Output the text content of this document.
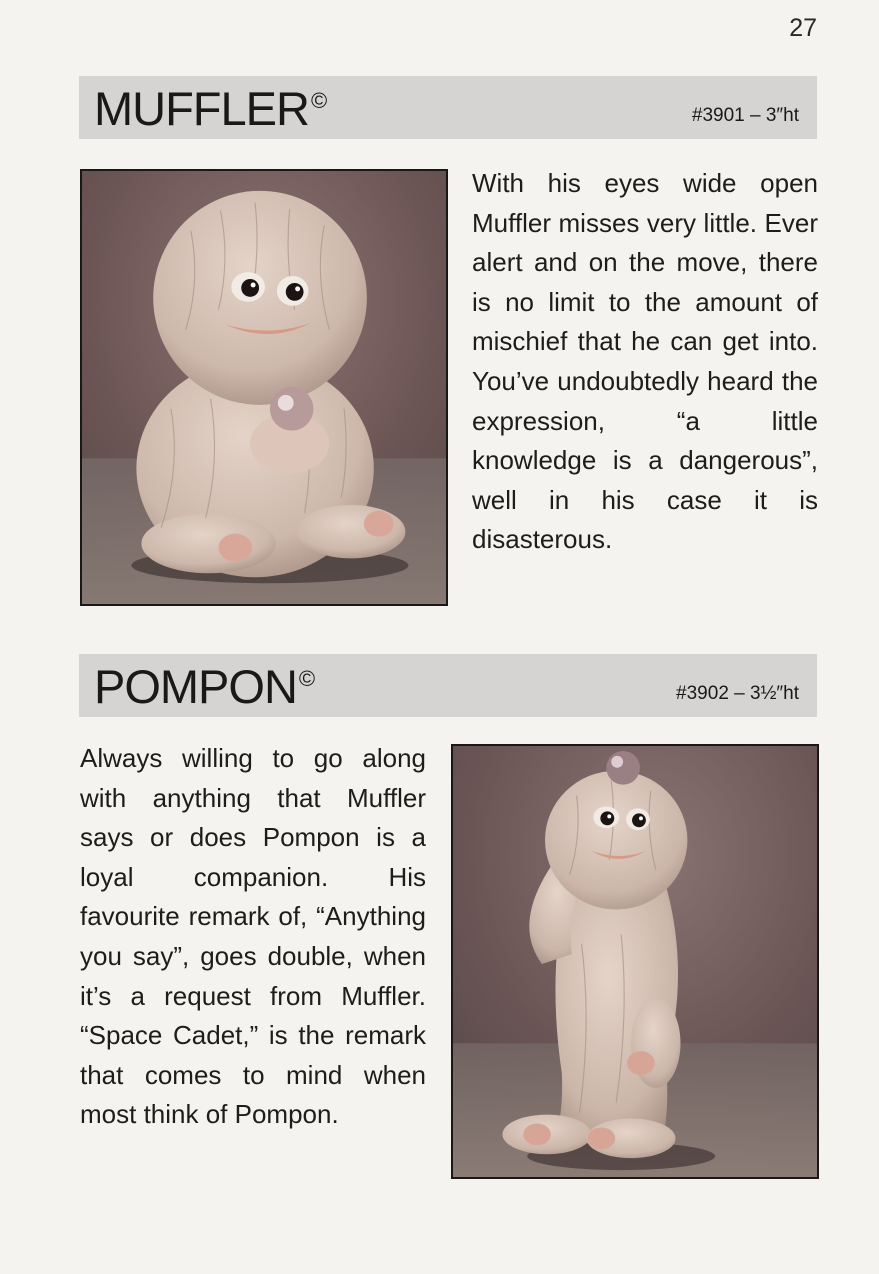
27
MUFFLER©
#3901 – 3″ht
With his eyes wide open Muffler misses very little. Ever alert and on the move, there is no limit to the amount of mischief that he can get into. You’ve undoubtedly heard the expression, “a little knowledge is a dangerous”, well in his case it is disasterous.
POMPON©
#3902 – 3½″ht
Always willing to go along with anything that Muffler says or does Pompon is a loyal companion. His favourite remark of, “Anything you say”, goes double, when it’s a request from Muffler. “Space Cadet,” is the remark that comes to mind when most think of Pompon.
